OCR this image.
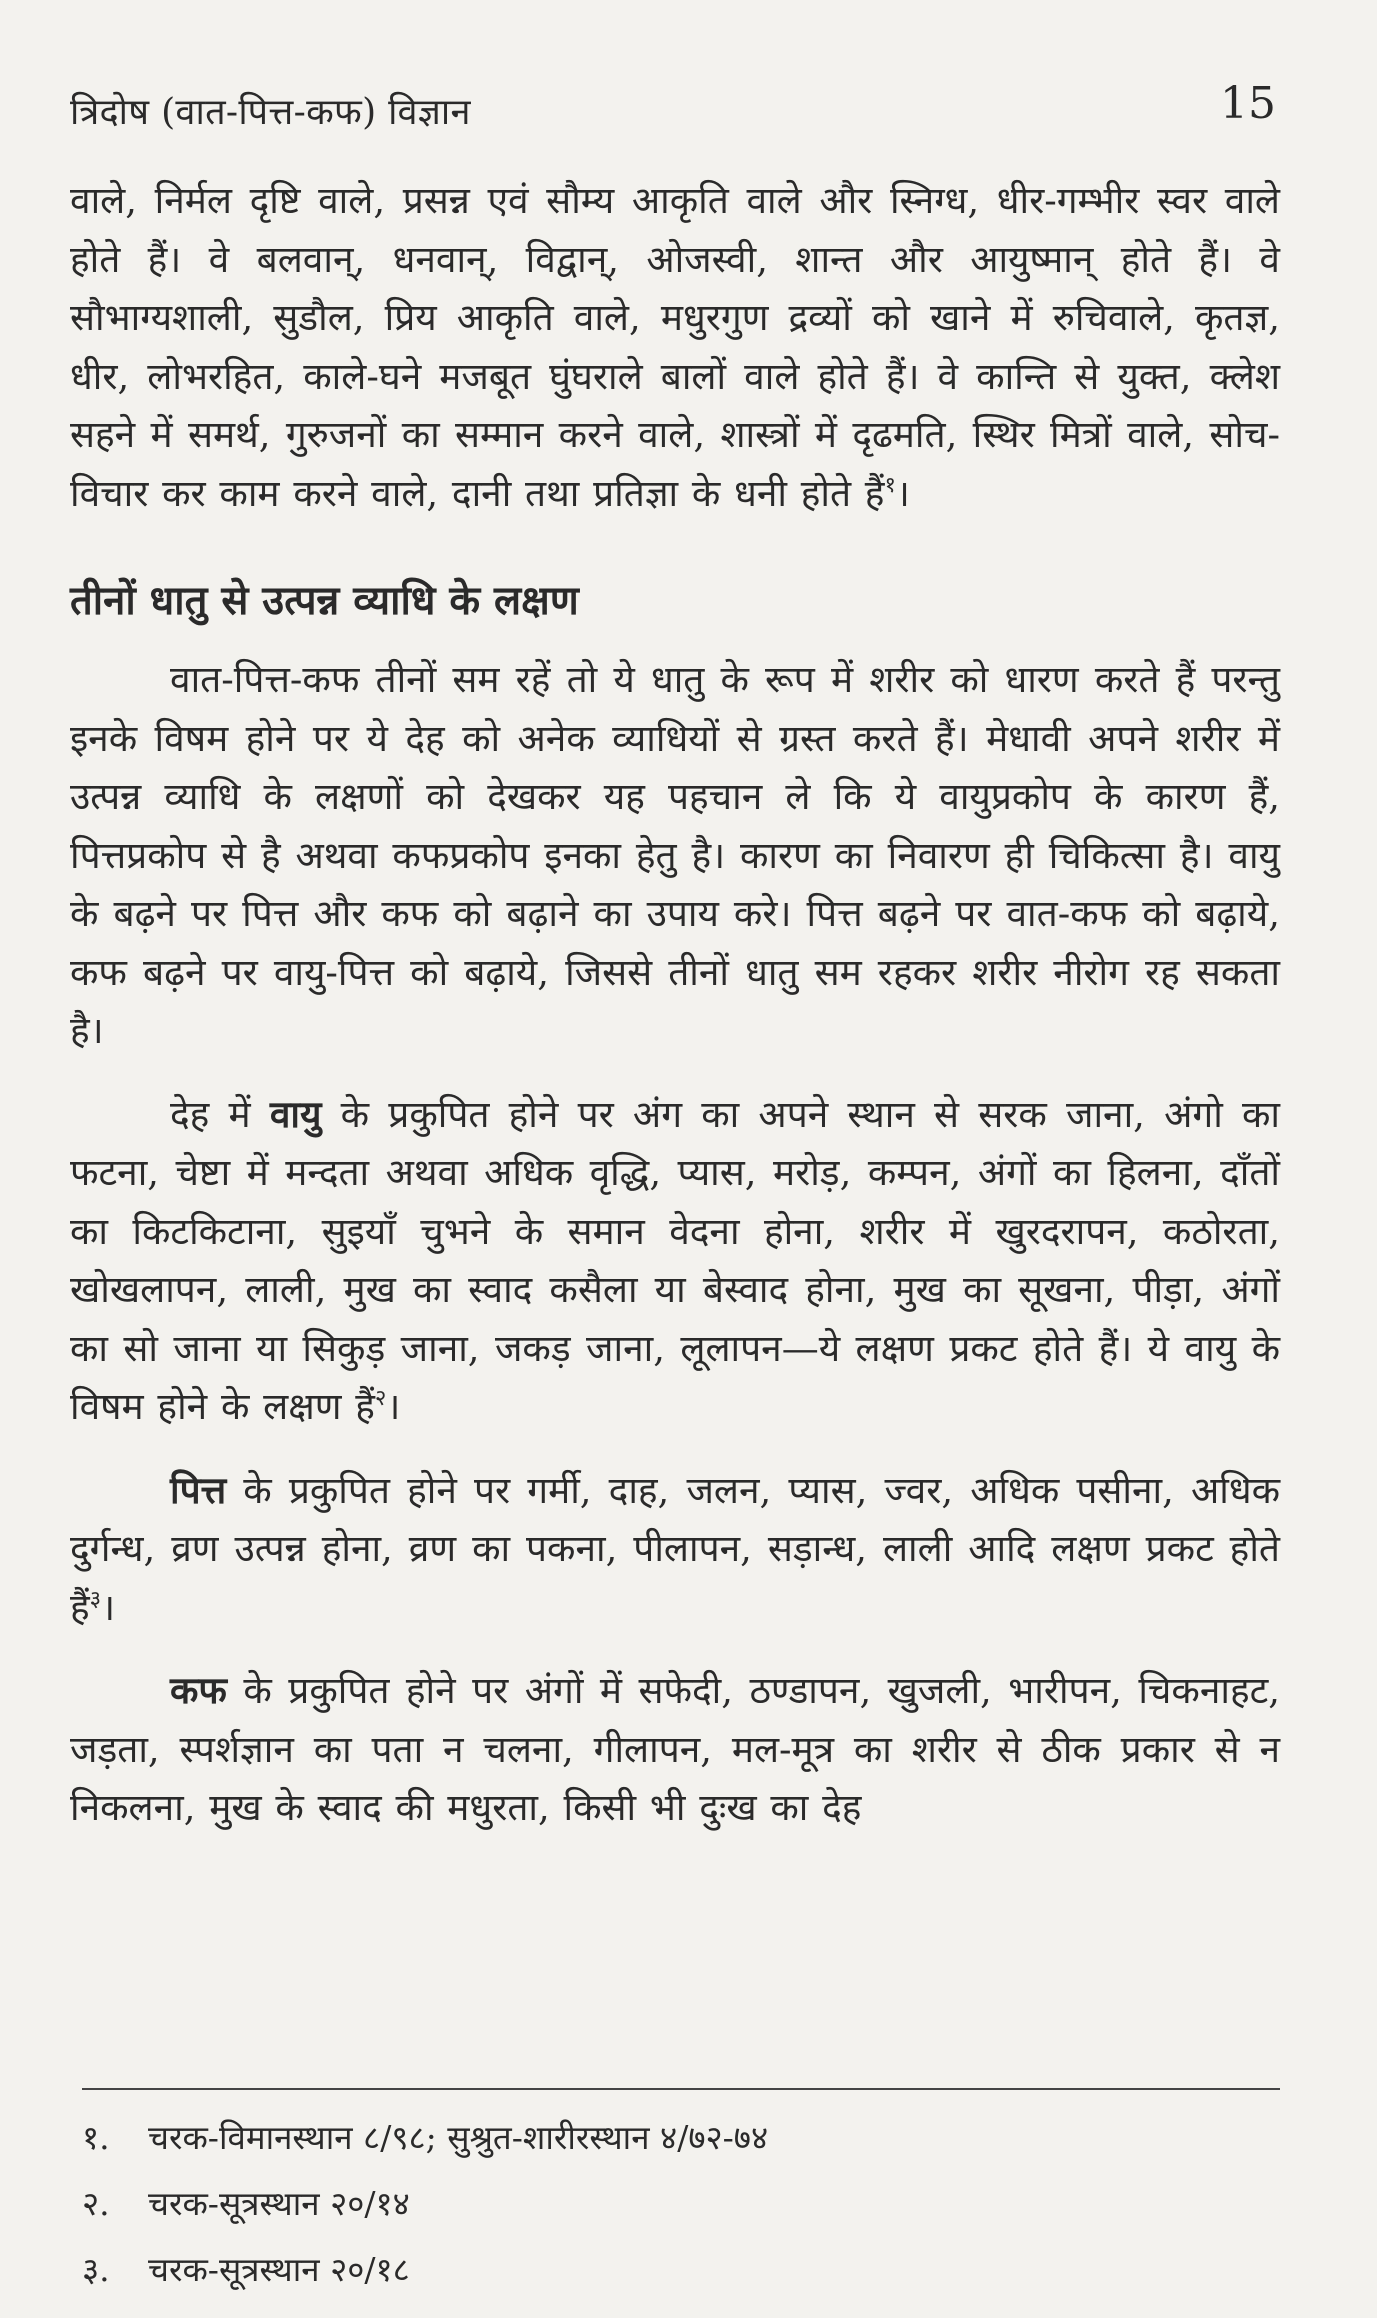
त्रिदोष (वात-पित्त-कफ) विज्ञान	15

वाले, निर्मल दृष्टि वाले, प्रसन्न एवं सौम्य आकृति वाले और स्निग्ध, धीर-गम्भीर स्वर वाले होते हैं। वे बलवान्, धनवान्, विद्वान्, ओजस्वी, शान्त और आयुष्मान् होते हैं। वे सौभाग्यशाली, सुडौल, प्रिय आकृति वाले, मधुरगुण द्रव्यों को खाने में रुचिवाले, कृतज्ञ, धीर, लोभरहित, काले-घने मजबूत घुंघराले बालों वाले होते हैं। वे कान्ति से युक्त, क्लेश सहने में समर्थ, गुरुजनों का सम्मान करने वाले, शास्त्रों में दृढमति, स्थिर मित्रों वाले, सोच-विचार कर काम करने वाले, दानी तथा प्रतिज्ञा के धनी होते हैं$^१$।

तीनों धातु से उत्पन्न व्याधि के लक्षण

वात-पित्त-कफ तीनों सम रहें तो ये धातु के रूप में शरीर को धारण करते हैं परन्तु इनके विषम होने पर ये देह को अनेक व्याधियों से ग्रस्त करते हैं। मेधावी अपने शरीर में उत्पन्न व्याधि के लक्षणों को देखकर यह पहचान ले कि ये वायुप्रकोप के कारण हैं, पित्तप्रकोप से है अथवा कफप्रकोप इनका हेतु है। कारण का निवारण ही चिकित्सा है। वायु के बढ़ने पर पित्त और कफ को बढ़ाने का उपाय करे। पित्त बढ़ने पर वात-कफ को बढ़ाये, कफ बढ़ने पर वायु-पित्त को बढ़ाये, जिससे तीनों धातु सम रहकर शरीर नीरोग रह सकता है।

देह में वायु के प्रकुपित होने पर अंग का अपने स्थान से सरक जाना, अंगो का फटना, चेष्टा में मन्दता अथवा अधिक वृद्धि, प्यास, मरोड़, कम्पन, अंगों का हिलना, दाँतों का किटकिटाना, सुइयाँ चुभने के समान वेदना होना, शरीर में खुरदरापन, कठोरता, खोखलापन, लाली, मुख का स्वाद कसैला या बेस्वाद होना, मुख का सूखना, पीड़ा, अंगों का सो जाना या सिकुड़ जाना, जकड़ जाना, लूलापन—ये लक्षण प्रकट होते हैं। ये वायु के विषम होने के लक्षण हैं$^२$।

पित्त के प्रकुपित होने पर गर्मी, दाह, जलन, प्यास, ज्वर, अधिक पसीना, अधिक दुर्गन्ध, व्रण उत्पन्न होना, व्रण का पकना, पीलापन, सड़ान्ध, लाली आदि लक्षण प्रकट होते हैं$^३$।

कफ के प्रकुपित होने पर अंगों में सफेदी, ठण्डापन, खुजली, भारीपन, चिकनाहट, जड़ता, स्पर्शज्ञान का पता न चलना, गीलापन, मल-मूत्र का शरीर से ठीक प्रकार से न निकलना, मुख के स्वाद की मधुरता, किसी भी दुःख का देह

१. चरक-विमानस्थान ८/९८; सुश्रुत-शारीरस्थान ४/७२-७४
२. चरक-सूत्रस्थान २०/१४
३. चरक-सूत्रस्थान २०/१८
